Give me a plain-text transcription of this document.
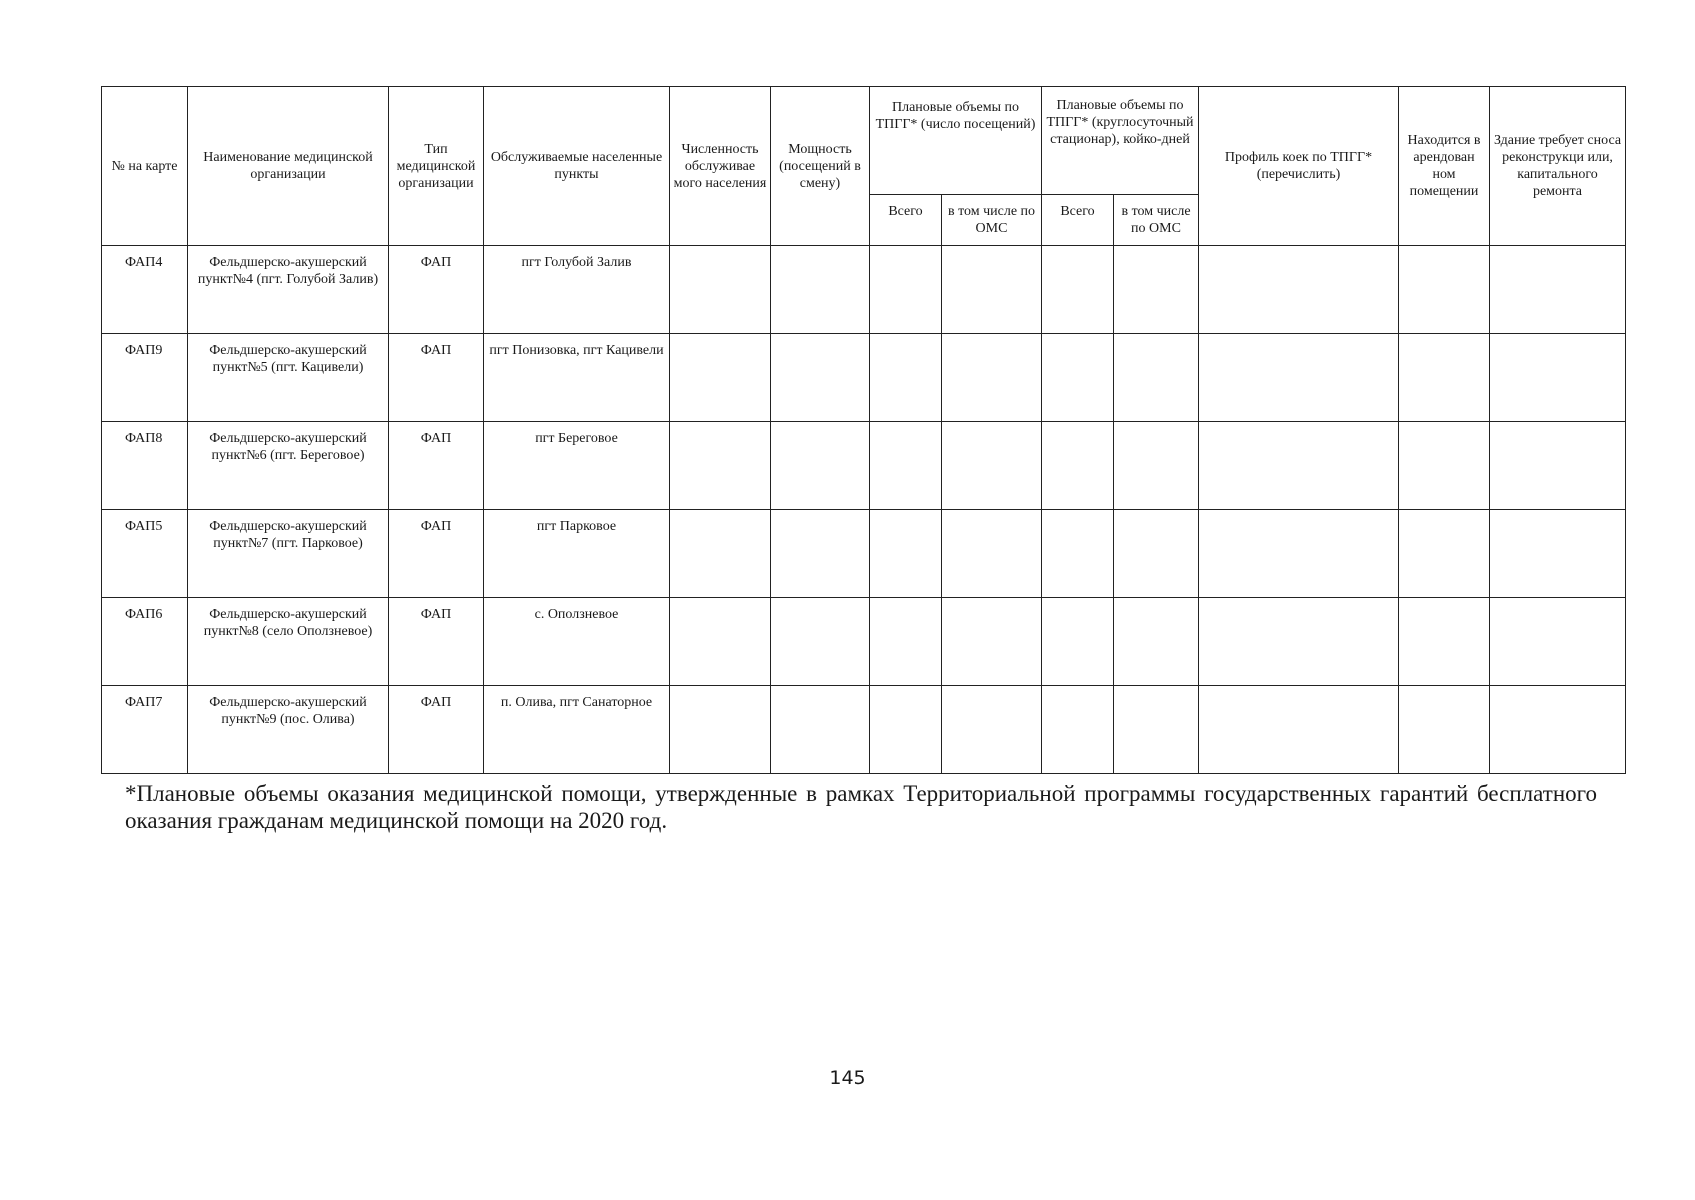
№ на карте	Наименование медицинской организации	Тип медицинской организации	Обслуживаемые населенные пункты	Численность обслуживае мого населения	Мощность (посещений в смену)	Плановые объемы по ТПГГ* (число посещений)		Плановые объемы по ТПГГ* (круглосуточный стационар), койко-дней		Профиль коек по ТПГГ* (перечислить)	Находится в арендован ном помещении	Здание требует сноса реконструкци или, капитального ремонта
						Всего	в том числе по ОМС	Всего	в том числе по ОМС			
ФАП4	Фельдшерско-акушерский пункт№4 (пгт. Голубой Залив)	ФАП	пгт Голубой Залив									
ФАП9	Фельдшерско-акушерский пункт№5 (пгт. Кацивели)	ФАП	пгт Понизовка, пгт Кацивели									
ФАП8	Фельдшерско-акушерский пункт№6 (пгт. Береговое)	ФАП	пгт Береговое									
ФАП5	Фельдшерско-акушерский пункт№7 (пгт. Парковое)	ФАП	пгт Парковое									
ФАП6	Фельдшерско-акушерский пункт№8 (село Оползневое)	ФАП	с. Оползневое									
ФАП7	Фельдшерско-акушерский пункт№9 (пос. Олива)	ФАП	п. Олива, пгт Санаторное									

*Плановые объемы оказания медицинской помощи, утвержденные в рамках Территориальной программы государственных гарантий бесплатного оказания гражданам медицинской помощи на 2020 год.

145
